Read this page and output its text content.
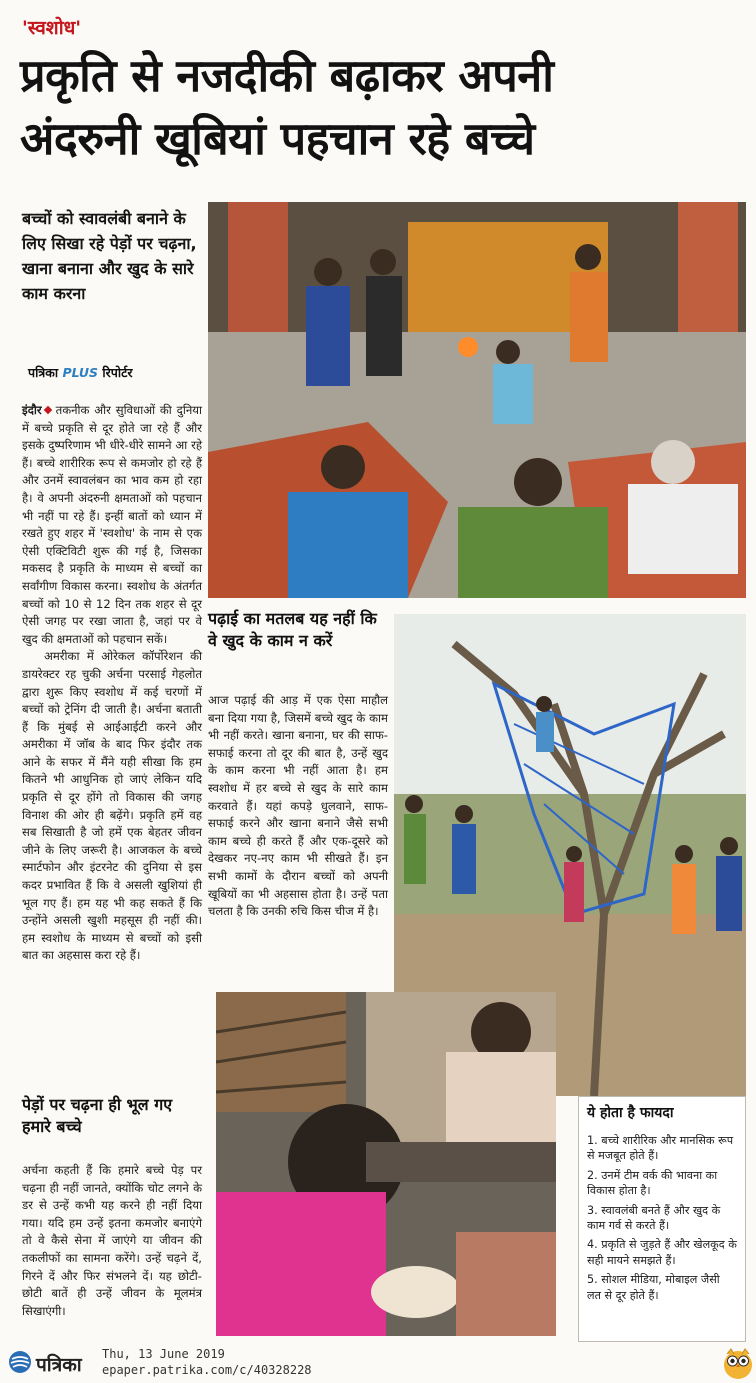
'स्वशोध'
प्रकृति से नजदीकी बढ़ाकर अपनी
अंदरुनी खूबियां पहचान रहे बच्चे
बच्चों को स्वावलंबी बनाने के लिए सिखा रहे पेड़ों पर चढ़ना, खाना बनाना और खुद के सारे काम करना
पत्रिका PLUS रिपोर्टर

इंदौर तकनीक और सुविधाओं की दुनिया में बच्चे प्रकृति से दूर होते जा रहे हैं और इसके दुष्परिणाम भी धीरे-धीरे सामने आ रहे हैं। बच्चे शारीरिक रूप से कमजोर हो रहे हैं और उनमें स्वावलंबन का भाव कम हो रहा है। वे अपनी अंदरुनी क्षमताओं को पहचान भी नहीं पा रहे हैं। इन्हीं बातों को ध्यान में रखते हुए शहर में 'स्वशोध' के नाम से एक ऐसी एक्टिविटी शुरू की गई है, जिसका मकसद है प्रकृति के माध्यम से बच्चों का सर्वांगीण विकास करना। स्वशोध के अंतर्गत बच्चों को 10 से 12 दिन तक शहर से दूर ऐसी जगह पर रखा जाता है, जहां पर वे खुद की क्षमताओं को पहचान सकें।

अमरीका में ओरेकल कॉर्पोरेशन की डायरेक्टर रह चुकी अर्चना परसाई गेहलोत द्वारा शुरू किए स्वशोध में कई चरणों में बच्चों को ट्रेनिंग दी जाती है। अर्चना बताती हैं कि मुंबई से आईआईटी करने और अमरीका में जॉब के बाद फिर इंदौर तक आने के सफर में मैंने यही सीखा कि हम कितने भी आधुनिक हो जाएं लेकिन यदि प्रकृति से दूर होंगे तो विकास की जगह विनाश की ओर ही बढ़ेंगे। प्रकृति हमें वह सब सिखाती है जो हमें एक बेहतर जीवन जीने के लिए जरूरी है। आजकल के बच्चे स्मार्टफोन और इंटरनेट की दुनिया से इस कदर प्रभावित हैं कि वे असली खुशियां ही भूल गए हैं। हम यह भी कह सकते हैं कि उन्होंने असली खुशी महसूस ही नहीं की। हम स्वशोध के माध्यम से बच्चों को इसी बात का अहसास करा रहे हैं।

पढ़ाई का मतलब यह नहीं कि वे खुद के काम न करें
आज पढ़ाई की आड़ में एक ऐसा माहौल बना दिया गया है, जिसमें बच्चे खुद के काम भी नहीं करते। खाना बनाना, घर की साफ-सफाई करना तो दूर की बात है, उन्हें खुद के काम करना भी नहीं आता है। हम स्वशोध में हर बच्चे से खुद के सारे काम करवाते हैं। यहां कपड़े धुलवाने, साफ-सफाई करने और खाना बनाने जैसे सभी काम बच्चे ही करते हैं और एक-दूसरे को देखकर नए-नए काम भी सीखते हैं। इन सभी कामों के दौरान बच्चों को अपनी खूबियों का भी अहसास होता है। उन्हें पता चलता है कि उनकी रुचि किस चीज में है।
पेड़ों पर चढ़ना ही भूल गए हमारे बच्चे
अर्चना कहती हैं कि हमारे बच्चे पेड़ पर चढ़ना ही नहीं जानते, क्योंकि चोट लगने के डर से उन्हें कभी यह करने ही नहीं दिया गया। यदि हम उन्हें इतना कमजोर बनाएंगे तो वे कैसे सेना में जाएंगे या जीवन की तकलीफों का सामना करेंगे। उन्हें चढ़ने दें, गिरने दें और फिर संभलने दें। यह छोटी-छोटी बातें ही उन्हें जीवन के मूलमंत्र सिखाएंगी।
ये होता है फायदा
1. बच्चे शारीरिक और मानसिक रूप से मजबूत होते हैं।
2. उनमें टीम वर्क की भावना का विकास होता है।
3. स्वावलंबी बनते हैं और खुद के काम गर्व से करते हैं।
4. प्रकृति से जुड़ते हैं और खेलकूद के सही मायने समझते हैं।
5. सोशल मीडिया, मोबाइल जैसी लत से दूर होते हैं।
पत्रिका Thu, 13 June 2019
epaper.patrika.com/c/40328228
